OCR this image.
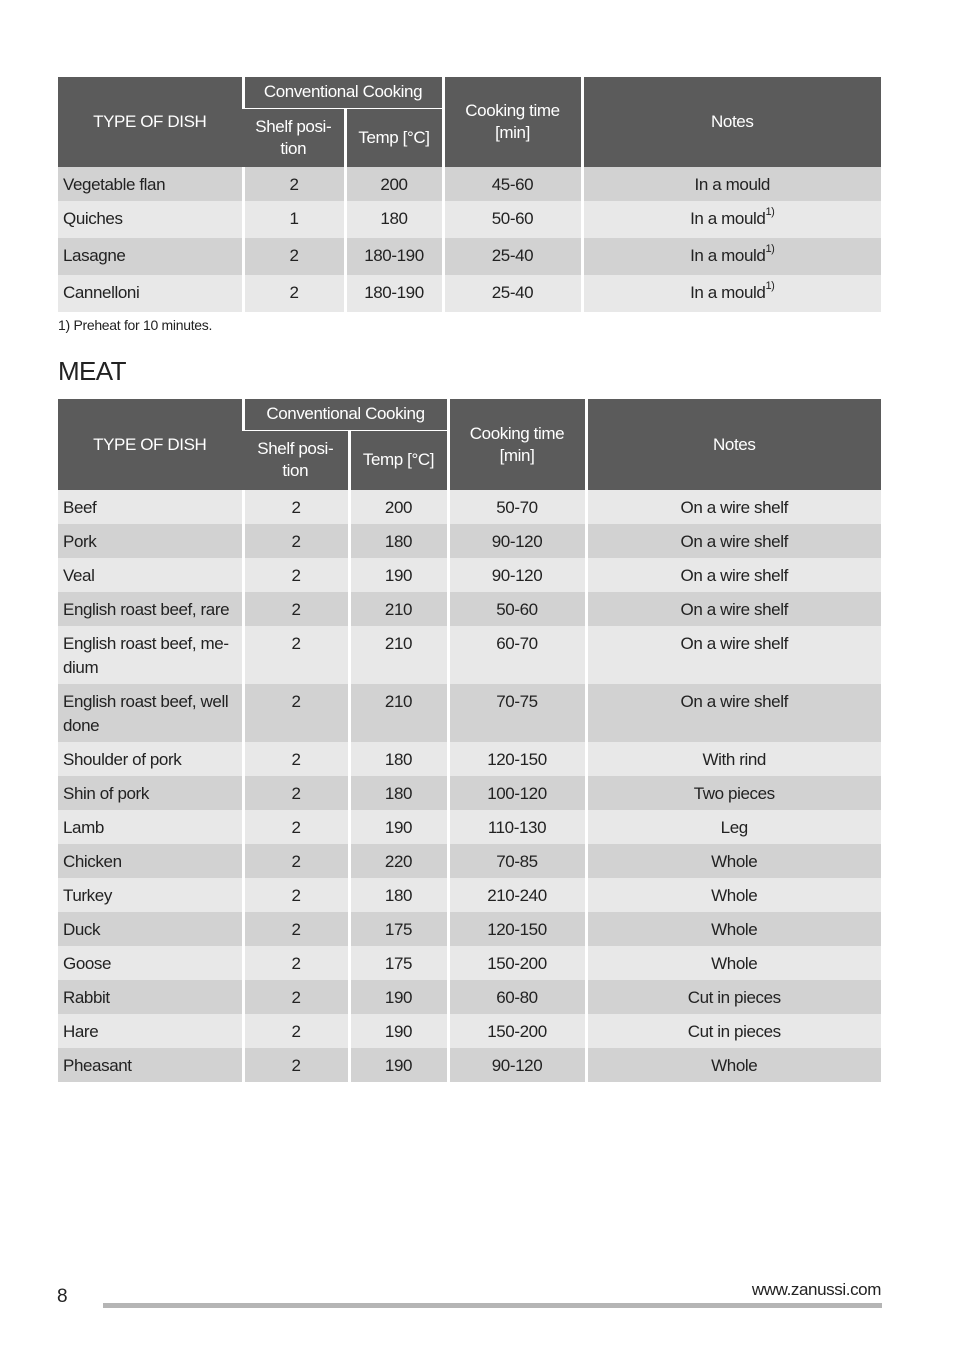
TYPE OF DISH	Conventional Cooking		Cooking time [min]	Notes
	Shelf posi-tion	Temp [°C]		
Vegetable flan	2	200	45-60	In a mould
Quiches	1	180	50-60	In a mould$^{1)}$
Lasagne	2	180-190	25-40	In a mould$^{1)}$
Cannelloni	2	180-190	25-40	In a mould$^{1)}$
1) Preheat for 10 minutes.
MEAT
TYPE OF DISH	Conventional Cooking		Cooking time [min]	Notes
	Shelf posi-tion	Temp [°C]		
Beef	2	200	50-70	On a wire shelf
Pork	2	180	90-120	On a wire shelf
Veal	2	190	90-120	On a wire shelf
English roast beef, rare	2	210	50-60	On a wire shelf
English roast beef, me-dium	2	210	60-70	On a wire shelf
English roast beef, well done	2	210	70-75	On a wire shelf
Shoulder of pork	2	180	120-150	With rind
Shin of pork	2	180	100-120	Two pieces
Lamb	2	190	110-130	Leg
Chicken	2	220	70-85	Whole
Turkey	2	180	210-240	Whole
Duck	2	175	120-150	Whole
Goose	2	175	150-200	Whole
Rabbit	2	190	60-80	Cut in pieces
Hare	2	190	150-200	Cut in pieces
Pheasant	2	190	90-120	Whole
8	www.zanussi.com
